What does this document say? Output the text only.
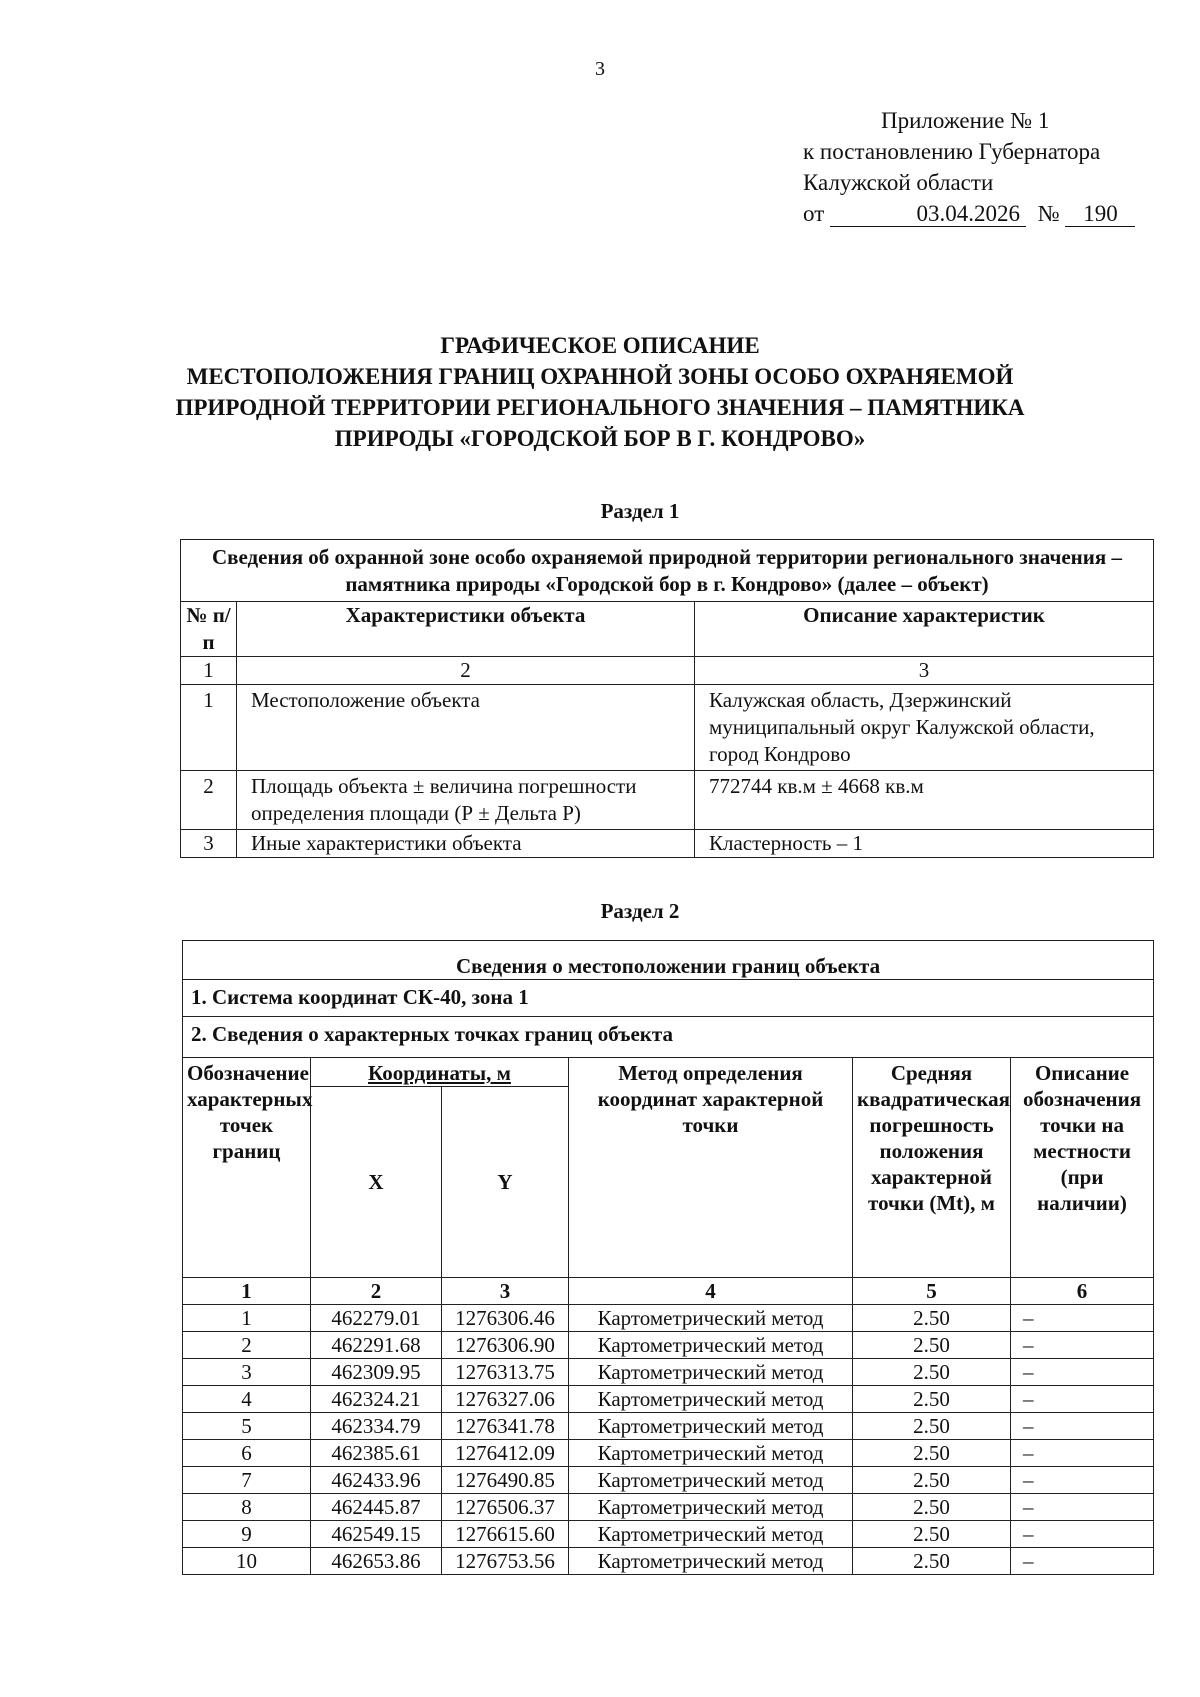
3
Приложение № 1
к постановлению Губернатора
Калужской области
от	03.04.2026 № 190
ГРАФИЧЕСКОЕ ОПИСАНИЕ
МЕСТОПОЛОЖЕНИЯ ГРАНИЦ ОХРАННОЙ ЗОНЫ ОСОБО ОХРАНЯЕМОЙ
ПРИРОДНОЙ ТЕРРИТОРИИ РЕГИОНАЛЬНОГО ЗНАЧЕНИЯ – ПАМЯТНИКА
ПРИРОДЫ «ГОРОДСКОЙ БОР В Г. КОНДРОВО»
Раздел 1
Сведения об охранной зоне особо охраняемой природной территории регионального значения – памятника природы «Городской бор в г. Кондрово» (далее – объект)		
№ п/п	Характеристики объекта	Описание характеристик
1	2	3
1	Местоположение объекта	Калужская область, Дзержинский муниципальный округ Калужской области, город Кондрово
2	Площадь объекта ± величина погрешности определения площади (Р ± Дельта Р)	772744 кв.м ± 4668 кв.м
3	Иные характеристики объекта	Кластерность – 1
Раздел 2
Сведения о местоположении границ объекта					
1. Система координат СК-40, зона 1					
2. Сведения о характерных точках границ объекта					
Обозначение характерных точек границ	Координаты, м		Метод определения координат характерной точки	Средняя квадратическая погрешность положения характерной точки (Mt), м	Описание обозначения точки на местности (при наличии)
	X	Y			
1	2	3	4	5	6
1	462279.01	1276306.46	Картометрический метод	2.50	–
2	462291.68	1276306.90	Картометрический метод	2.50	–
3	462309.95	1276313.75	Картометрический метод	2.50	–
4	462324.21	1276327.06	Картометрический метод	2.50	–
5	462334.79	1276341.78	Картометрический метод	2.50	–
6	462385.61	1276412.09	Картометрический метод	2.50	–
7	462433.96	1276490.85	Картометрический метод	2.50	–
8	462445.87	1276506.37	Картометрический метод	2.50	–
9	462549.15	1276615.60	Картометрический метод	2.50	–
10	462653.86	1276753.56	Картометрический метод	2.50	–
